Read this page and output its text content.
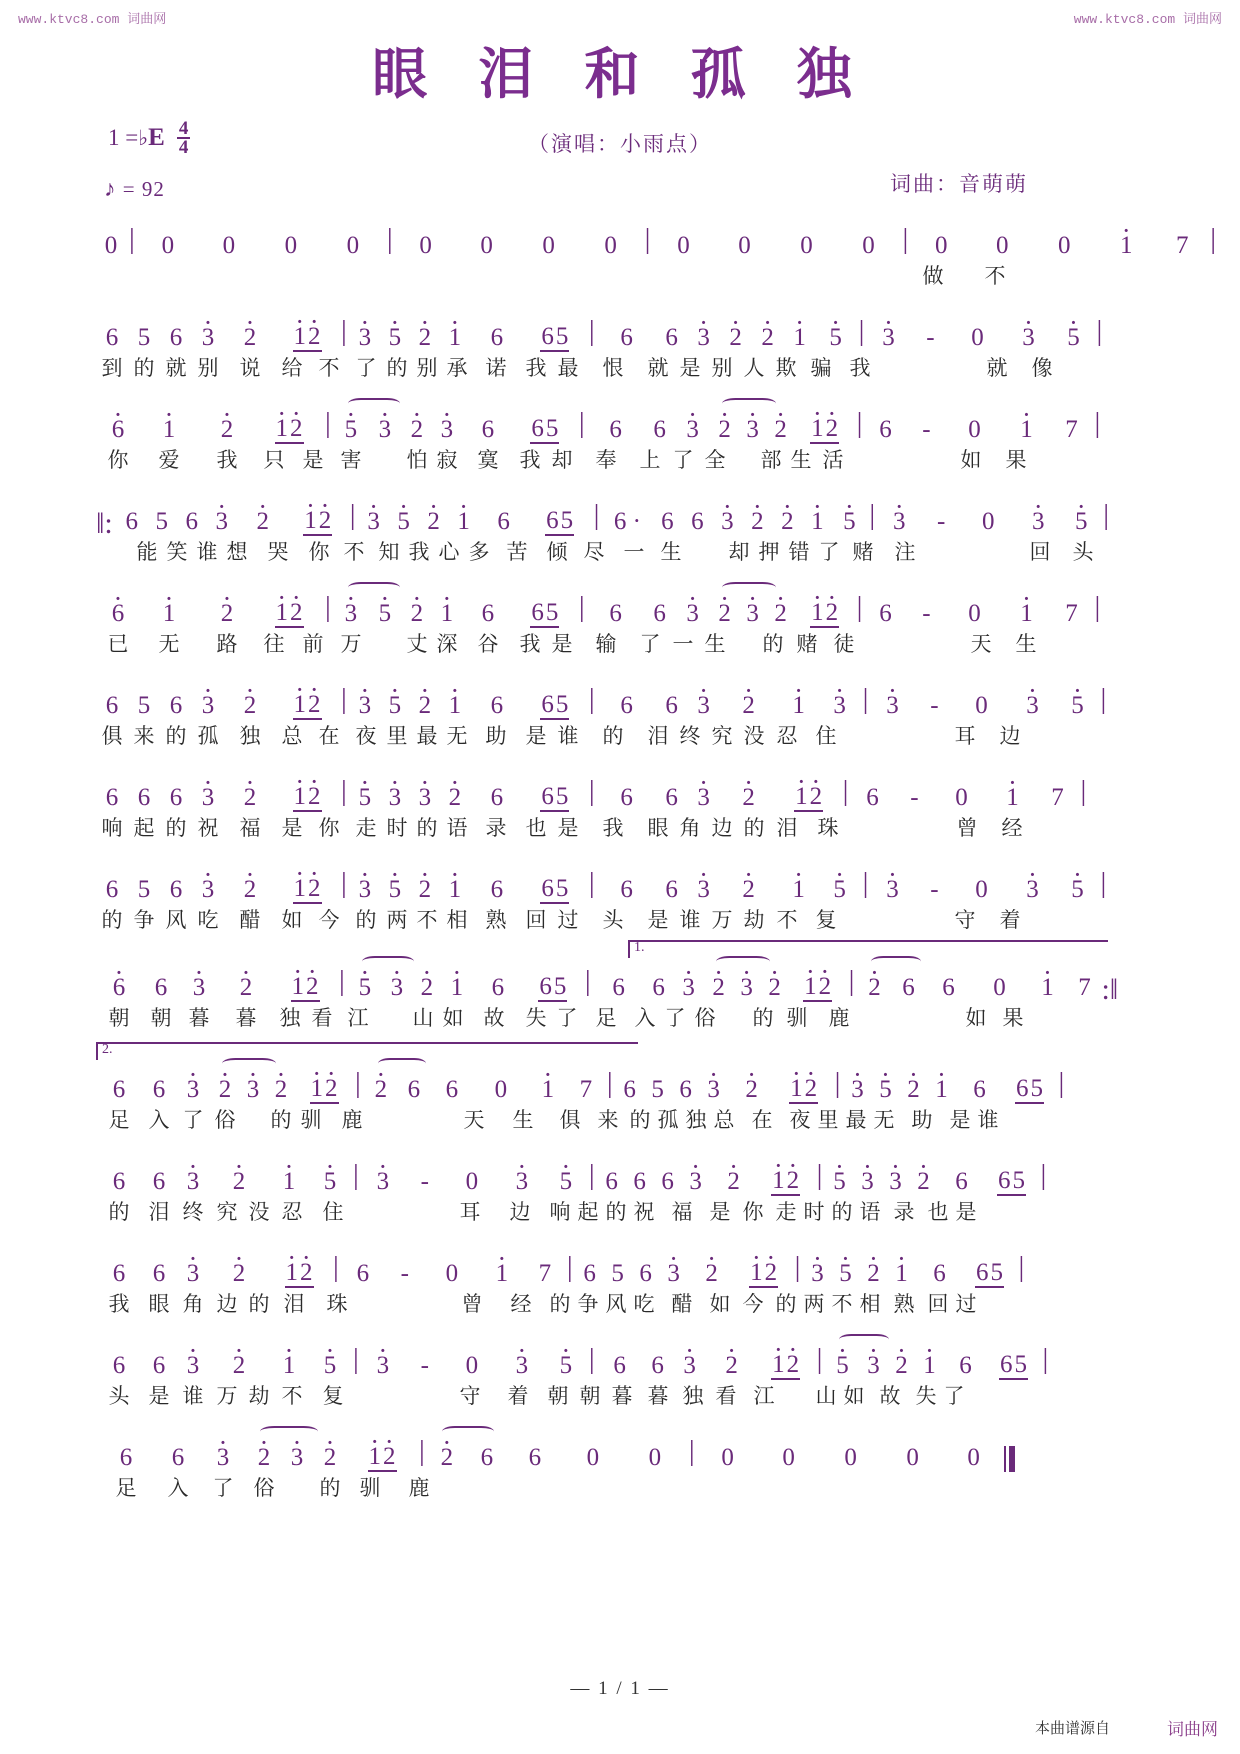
www.ktvc8.com 词曲网	www.ktvc8.com 词曲网
眼 泪 和 孤 独
（演唱：小雨点）
词曲：音萌萌
1 = ♭ E $\frac{4}{4}$
♪ = 92
0 |	0	0	0	0 |	0	0	0	0 |	0	0	0	0 |	0	0	0	· 1	7 |
做	不
6 5 6 · 3	· 2	· 1 · 2 | · 3 · 5 · 2 · 1	6	6 5 |	6	6 · 3 · 2 · 2 · 1 · 5 | · 3	-	0	· 3	· 5 |
到 的 就 别	说	给 不 了 的 别 承 诺 我 最	恨	就 是 别 人 欺 骗 我	就	像
· 6	· 1	· 2	· 1 · 2 | · 5 · 3 · 2 · 3	6	6 5 | 6	6 · 3 · 2 · 3 · 2 · 1 · 2 | 6	-	0	· 1	7 |
你	爱	我	只 是 害	怕 寂 寞	我 却	奉	上 了 全 部 生 活	如	果
‖: 6 5 6 · 3	· 2	· 1 · 2 | · 3 · 5 · 2 · 1	6	6 5 | 6 · 6 6 · 3 · 2 · 2 · 1 · 5 | · 3	-	0	· 3	· 5 |
能 笑 谁 想 哭 你 不 知 我 心 多 苦 倾 尽 一 生	却 押 错 了 赌	注	回	头
· 6	· 1	· 2	· 1 · 2 | · 3 · 5 · 2 · 1	6	6 5 | 6	6 · 3 · 2 · 3 · 2 · 1 · 2 | 6	-	0	· 1	7 |
已	无	路	往 前 万	丈 深 谷	我 是	输	了 一 生	的 赌 徒	天	生
6 5 6 · 3	· 2	· 1 · 2 | · 3 · 5 · 2 · 1	6	6 5 |	6	6 · 3	· 2	· 1	· 3 | · 3	-	0	· 3	· 5 |
俱 来 的 孤	独	总 在 夜 里 最 无 助 是 谁	的	泪 终 究 没 忍 住	耳	边
6 6 6 · 3	· 2	· 1 · 2 | · 5 · 3 · 3 · 2	6	6 5 |	6	6 · 3	· 2	· 1 · 2 | 6	-	0	· 1	7 |
响 起 的 祝	福	是 你 走 时 的 语 录 也 是	我	眼 角 边 的 泪 珠	曾	经
6 5 6 · 3	· 2	· 1 · 2 | · 3 · 5 · 2 · 1	6	6 5 |	6	6 · 3	· 2	· 1	· 5 | · 3	-	0	· 3	· 5 |
的 争 风 吃	醋	如 今 的 两 不 相 熟 回 过	头	是 谁 万 劫 不 复	守	着
1.
· 6	6	· 3	· 2	· 1 · 2 | · 5 · 3 · 2 · 1	6	6 5 | 6	6 · 3 · 2 · 3 · 2 · 1 · 2 | · 2 6	6	0	· 1 7 :‖
朝	朝 暮	暮	独 看 江	山 如 故	失 了 足 入 了 俗	的 驯	鹿	如 果
2.
6	6 · 3 · 2 · 3 · 2 · 1 · 2 | · 2 6	6	0	· 1	7 | 6 5 6 · 3	· 2	· 1 · 2 | · 3 · 5 · 2 · 1	6	6 5 |
足 入 了 俗 的 驯 鹿	天	生	俱 来 的 孤 独 总 在 夜 里 最 无 助 是 谁
6	6 · 3	· 2	· 1	· 5 | · 3	-	0	· 3	· 5 | 6 6 6 · 3	· 2	· 1 · 2 | · 5 · 3 · 3 · 2	6	6 5 |
的 泪 终 究 没 忍 住	耳	边 响 起 的 祝 福 是 你 走 时 的 语 录 也 是
6	6 · 3	· 2	· 1 · 2 | 6	-	0	· 1	7 | 6 5 6 · 3	· 2	· 1 · 2 | · 3 · 5 · 2 · 1	6	6 5 |
我 眼 角 边 的 泪	珠	曾	经 的 争 风 吃 醋 如 今 的 两 不 相 熟 回 过
6	6 · 3	· 2	· 1	· 5 | · 3	-	0	· 3	· 5 | 6	6 · 3	· 2	· 1 · 2 | · 5 · 3 · 2 · 1 6	6 5 |
头 是 谁 万 劫 不 复	守	着 朝 朝 暮 暮 独 看 江	山 如 故 失 了
6	6	· 3	· 2 · 3 · 2	· 1 · 2 | · 2	6	6	0	0 |	0	0	0	0	0
足	入	了 俗	的 驯	鹿
— 1 / 1 —
本曲谱源自	词曲网
